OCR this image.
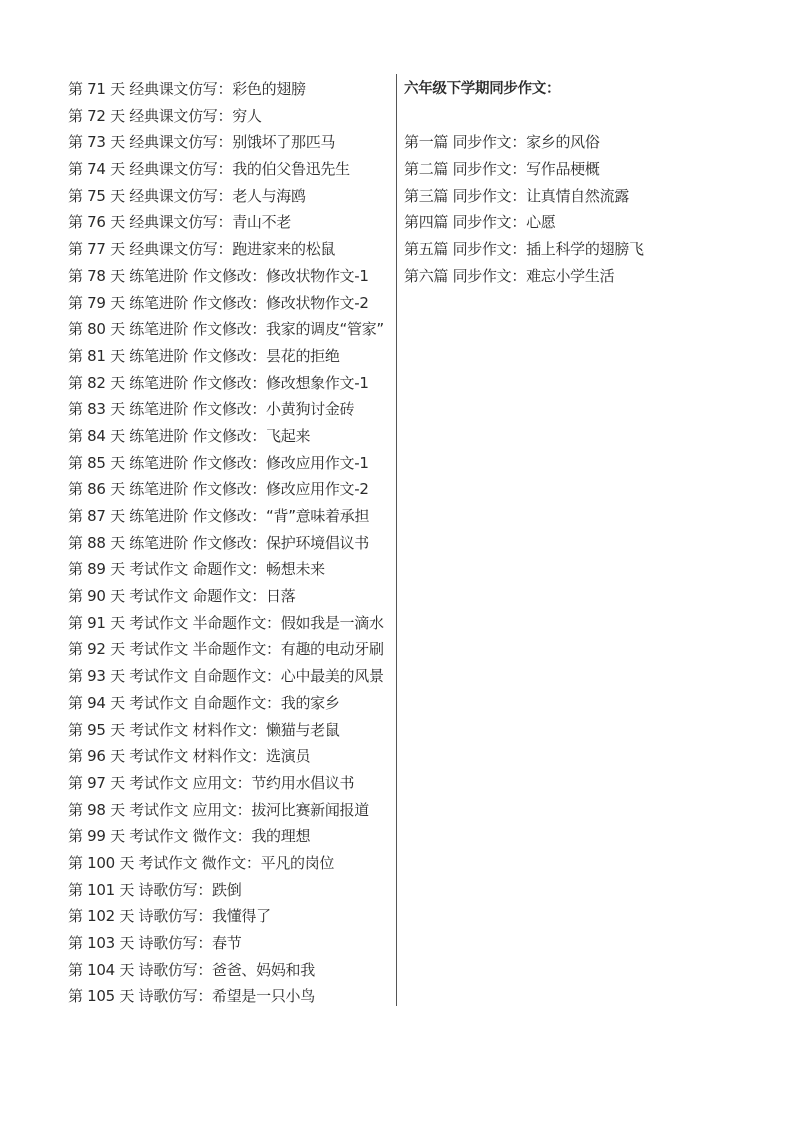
第 71 天 经典课文仿写：彩色的翅膀
第 72 天 经典课文仿写：穷人
第 73 天 经典课文仿写：别饿坏了那匹马
第 74 天 经典课文仿写：我的伯父鲁迅先生
第 75 天 经典课文仿写：老人与海鸥
第 76 天 经典课文仿写：青山不老
第 77 天 经典课文仿写：跑进家来的松鼠
第 78 天 练笔进阶 作文修改：修改状物作文-1
第 79 天 练笔进阶 作文修改：修改状物作文-2
第 80 天 练笔进阶 作文修改：我家的调皮“管家”
第 81 天 练笔进阶 作文修改：昙花的拒绝
第 82 天 练笔进阶 作文修改：修改想象作文-1
第 83 天 练笔进阶 作文修改：小黄狗讨金砖
第 84 天 练笔进阶 作文修改：飞起来
第 85 天 练笔进阶 作文修改：修改应用作文-1
第 86 天 练笔进阶 作文修改：修改应用作文-2
第 87 天 练笔进阶 作文修改：“背”意味着承担
第 88 天 练笔进阶 作文修改：保护环境倡议书
第 89 天 考试作文 命题作文：畅想未来
第 90 天 考试作文 命题作文：日落
第 91 天 考试作文 半命题作文：假如我是一滴水
第 92 天 考试作文 半命题作文：有趣的电动牙刷
第 93 天 考试作文 自命题作文：心中最美的风景
第 94 天 考试作文 自命题作文：我的家乡
第 95 天 考试作文 材料作文：懒猫与老鼠
第 96 天 考试作文 材料作文：选演员
第 97 天 考试作文 应用文：节约用水倡议书
第 98 天 考试作文 应用文：拔河比赛新闻报道
第 99 天 考试作文 微作文：我的理想
第 100 天 考试作文 微作文：平凡的岗位
第 101 天 诗歌仿写：跌倒
第 102 天 诗歌仿写：我懂得了
第 103 天 诗歌仿写：春节
第 104 天 诗歌仿写：爸爸、妈妈和我
第 105 天 诗歌仿写：希望是一只小鸟
六年级下学期同步作文：
第一篇 同步作文：家乡的风俗
第二篇 同步作文：写作品梗概
第三篇 同步作文：让真情自然流露
第四篇 同步作文：心愿
第五篇 同步作文：插上科学的翅膀飞
第六篇 同步作文：难忘小学生活
